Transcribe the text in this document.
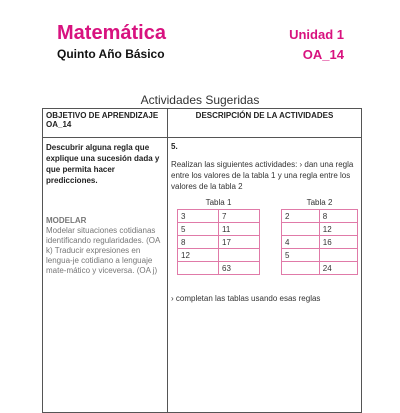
Matemática
Quinto Año Básico
Unidad 1
OA_14
Actividades Sugeridas
OBJETIVO DE APRENDIZAJE OA_14	DESCRIPCIÓN DE LA ACTIVIDADES

Descubrir alguna regla que explique una sucesión dada y que permita hacer predicciones.
MODELAR
Modelar situaciones cotidianas identificando regularidades. (OA k) Traducir expresiones en lengua-je cotidiano a lenguaje mate-mático y viceversa. (OA j)

5.
Realizan las siguientes actividades: › dan una regla entre los valores de la tabla 1 y una regla entre los valores de la tabla 2
Tabla 1
3	7
5	11
8	17
12	
	63
Tabla 2
2	8
	12
4	16
5	
	24
› completan las tablas usando esas reglas
